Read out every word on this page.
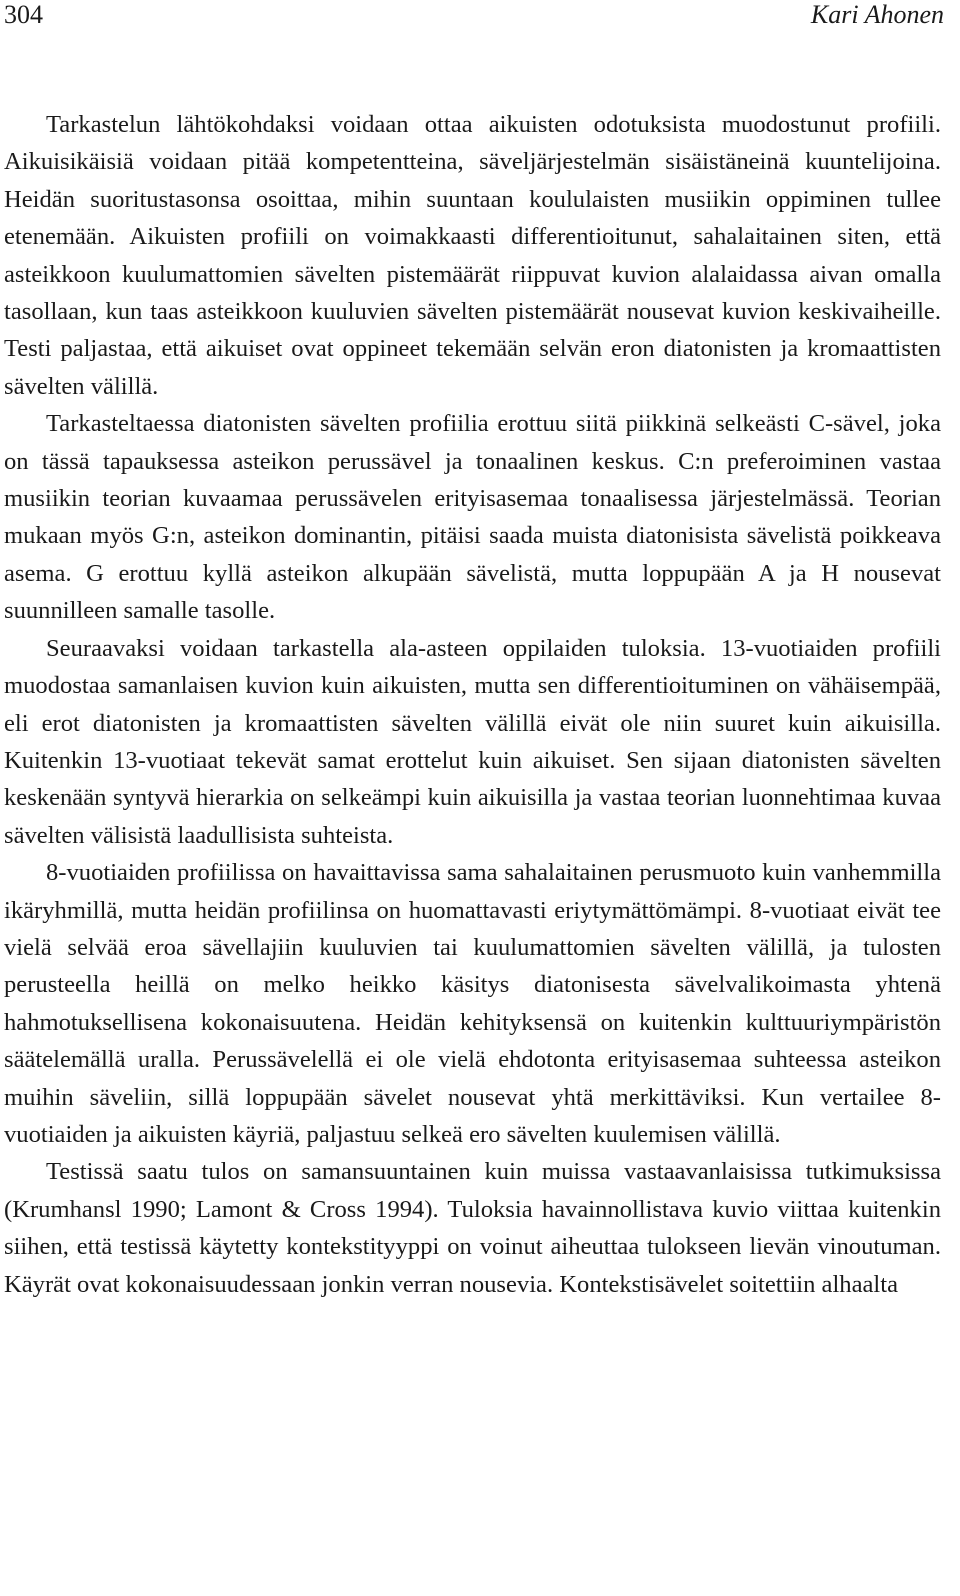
304	Kari Ahonen

Tarkastelun lähtökohdaksi voidaan ottaa aikuisten odotuksista muodostunut profiili. Aikuisikäisiä voidaan pitää kompetentteina, säveljärjestelmän sisäistäneinä kuuntelijoina. Heidän suoritustasonsa osoittaa, mihin suuntaan koululaisten musiikin oppiminen tullee etenemään. Aikuisten profiili on voimakkaasti differentioitunut, sahalaitainen siten, että asteikkoon kuulumattomien sävelten pistemäärät riippuvat kuvion alalaidassa aivan omalla tasollaan, kun taas asteikkoon kuuluvien sävelten pistemäärät nousevat kuvion keskivaiheille. Testi paljastaa, että aikuiset ovat oppineet tekemään selvän eron diatonisten ja kromaattisten sävelten välillä.

Tarkasteltaessa diatonisten sävelten profiilia erottuu siitä piikkinä selkeästi C-sävel, joka on tässä tapauksessa asteikon perussävel ja tonaalinen keskus. C:n preferoiminen vastaa musiikin teorian kuvaamaa perussävelen erityisasemaa tonaalisessa järjestelmässä. Teorian mukaan myös G:n, asteikon dominantin, pitäisi saada muista diatonisista sävelistä poikkeava asema. G erottuu kyllä asteikon alkupään sävelistä, mutta loppupään A ja H nousevat suunnilleen samalle tasolle.

Seuraavaksi voidaan tarkastella ala-asteen oppilaiden tuloksia. 13-vuotiaiden profiili muodostaa samanlaisen kuvion kuin aikuisten, mutta sen differentioituminen on vähäisempää, eli erot diatonisten ja kromaattisten sävelten välillä eivät ole niin suuret kuin aikuisilla. Kuitenkin 13-vuotiaat tekevät samat erottelut kuin aikuiset. Sen sijaan diatonisten sävelten keskenään syntyvä hierarkia on selkeämpi kuin aikuisilla ja vastaa teorian luonnehtimaa kuvaa sävelten välisistä laadullisista suhteista.

8-vuotiaiden profiilissa on havaittavissa sama sahalaitainen perusmuoto kuin vanhemmilla ikäryhmillä, mutta heidän profiilinsa on huomattavasti eriytymättömämpi. 8-vuotiaat eivät tee vielä selvää eroa sävellajiin kuuluvien tai kuulumattomien sävelten välillä, ja tulosten perusteella heillä on melko heikko käsitys diatonisesta sävelvalikoimasta yhtenä hahmotuksellisena kokonaisuutena. Heidän kehityksensä on kuitenkin kulttuuriympäristön säätelemällä uralla. Perussävelellä ei ole vielä ehdotonta erityisasemaa suhteessa asteikon muihin säveliin, sillä loppupään sävelet nousevat yhtä merkittäviksi. Kun vertailee 8-vuotiaiden ja aikuisten käyriä, paljastuu selkeä ero sävelten kuulemisen välillä.

Testissä saatu tulos on samansuuntainen kuin muissa vastaavanlaisissa tutkimuksissa (Krumhansl 1990; Lamont & Cross 1994). Tuloksia havainnollistava kuvio viittaa kuitenkin siihen, että testissä käytetty kontekstityyppi on voinut aiheuttaa tulokseen lievän vinoutuman. Käyrät ovat kokonaisuudessaan jonkin verran nousevia. Kontekstisävelet soitettiin alhaalta
